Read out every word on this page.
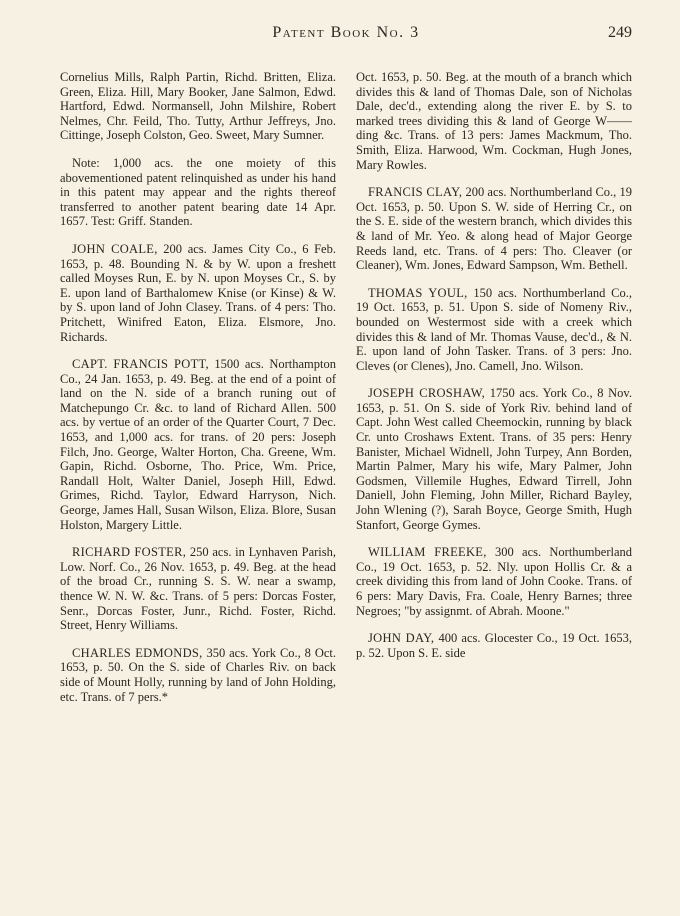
Patent Book No. 3	249

Cornelius Mills, Ralph Partin, Richd. Britten, Eliza. Green, Eliza. Hill, Mary Booker, Jane Salmon, Edwd. Hartford, Edwd. Normansell, John Milshire, Robert Nelmes, Chr. Feild, Tho. Tutty, Arthur Jeffreys, Jno. Cittinge, Joseph Colston, Geo. Sweet, Mary Sumner.

Note: 1,000 acs. the one moiety of this abovementioned patent relinquished as under his hand in this patent may appear and the rights thereof transferred to another patent bearing date 14 Apr. 1657. Test: Griff. Standen.

JOHN COALE, 200 acs. James City Co., 6 Feb. 1653, p. 48. Bounding N. & by W. upon a freshett called Moyses Run, E. by N. upon Moyses Cr., S. by E. upon land of Barthalomew Knise (or Kinse) & W. by S. upon land of John Clasey. Trans. of 4 pers: Tho. Pritchett, Winifred Eaton, Eliza. Elsmore, Jno. Richards.

CAPT. FRANCIS POTT, 1500 acs. Northampton Co., 24 Jan. 1653, p. 49. Beg. at the end of a point of land on the N. side of a branch runing out of Matchepungo Cr. &c. to land of Richard Allen. 500 acs. by vertue of an order of the Quarter Court, 7 Dec. 1653, and 1,000 acs. for trans. of 20 pers: Joseph Filch, Jno. George, Walter Horton, Cha. Greene, Wm. Gapin, Richd. Osborne, Tho. Price, Wm. Price, Randall Holt, Walter Daniel, Joseph Hill, Edwd. Grimes, Richd. Taylor, Edward Harryson, Nich. George, James Hall, Susan Wilson, Eliza. Blore, Susan Holston, Margery Little.

RICHARD FOSTER, 250 acs. in Lynhaven Parish, Low. Norf. Co., 26 Nov. 1653, p. 49. Beg. at the head of the broad Cr., running S. S. W. near a swamp, thence W. N. W. &c. Trans. of 5 pers: Dorcas Foster, Senr., Dorcas Foster, Junr., Richd. Foster, Richd. Street, Henry Williams.

CHARLES EDMONDS, 350 acs. York Co., 8 Oct. 1653, p. 50. On the S. side of Charles Riv. on back side of Mount Holly, running by land of John Holding, etc. Trans. of 7 pers.*

Oct. 1653, p. 50. Beg. at the mouth of a branch which divides this & land of Thomas Dale, son of Nicholas Dale, dec'd., extending along the river E. by S. to marked trees dividing this & land of George W——ding &c. Trans. of 13 pers: James Mackmum, Tho. Smith, Eliza. Harwood, Wm. Cockman, Hugh Jones, Mary Rowles.

FRANCIS CLAY, 200 acs. Northumberland Co., 19 Oct. 1653, p. 50. Upon S. W. side of Herring Cr., on the S. E. side of the western branch, which divides this & land of Mr. Yeo. & along head of Major George Reeds land, etc. Trans. of 4 pers: Tho. Cleaver (or Cleaner), Wm. Jones, Edward Sampson, Wm. Bethell.

THOMAS YOUL, 150 acs. Northumberland Co., 19 Oct. 1653, p. 51. Upon S. side of Nomeny Riv., bounded on Westermost side with a creek which divides this & land of Mr. Thomas Vause, dec'd., & N. E. upon land of John Tasker. Trans. of 3 pers: Jno. Cleves (or Clenes), Jno. Camell, Jno. Wilson.

JOSEPH CROSHAW, 1750 acs. York Co., 8 Nov. 1653, p. 51. On S. side of York Riv. behind land of Capt. John West called Cheemockin, running by black Cr. unto Croshaws Extent. Trans. of 35 pers: Henry Banister, Michael Widnell, John Turpey, Ann Borden, Martin Palmer, Mary his wife, Mary Palmer, John Godsmen, Villemile Hughes, Edward Tirrell, John Daniell, John Fleming, John Miller, Richard Bayley, John Wlening (?), Sarah Boyce, George Smith, Hugh Stanfort, George Gymes.

WILLIAM FREEKE, 300 acs. Northumberland Co., 19 Oct. 1653, p. 52. Nly. upon Hollis Cr. & a creek dividing this from land of John Cooke. Trans. of 6 pers: Mary Davis, Fra. Coale, Henry Barnes; three Negroes; "by assignmt. of Abrah. Moone."

JOHN DAY, 400 acs. Glocester Co., 19 Oct. 1653, p. 52. Upon S. E. side
